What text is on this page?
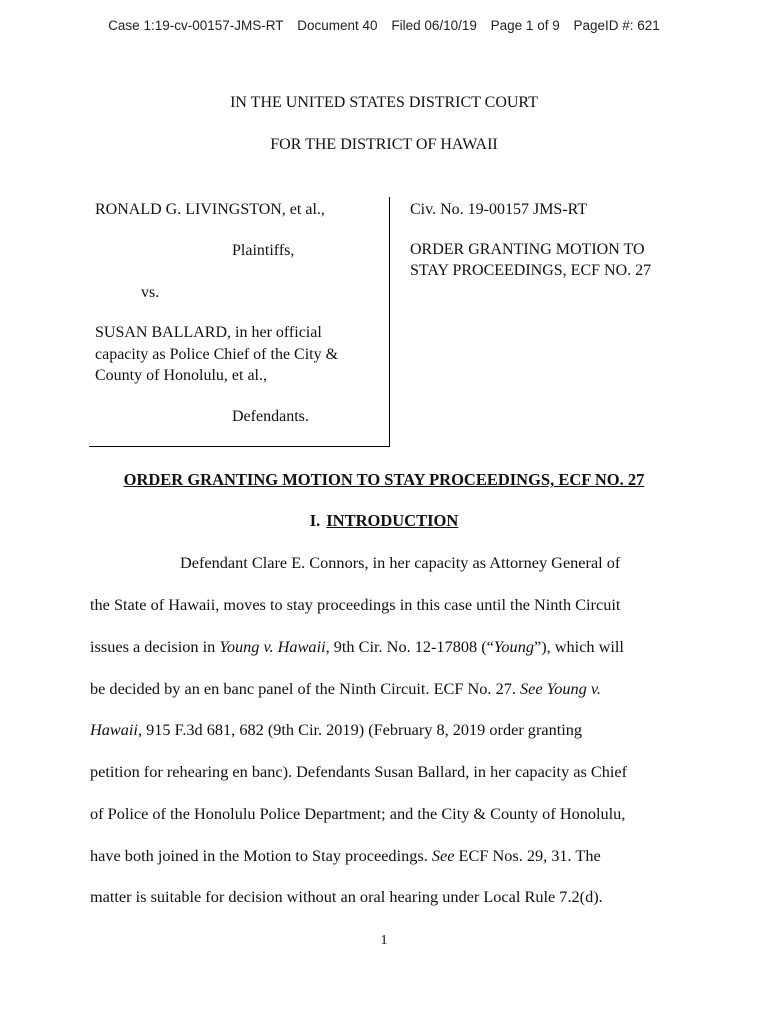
Case 1:19-cv-00157-JMS-RT Document 40 Filed 06/10/19 Page 1 of 9 PageID #: 621
IN THE UNITED STATES DISTRICT COURT
FOR THE DISTRICT OF HAWAII
RONALD G. LIVINGSTON, et al.,
Plaintiffs,
vs.
SUSAN BALLARD, in her official
capacity as Police Chief of the City &
County of Honolulu, et al.,
Defendants.
Civ. No. 19-00157 JMS-RT
ORDER GRANTING MOTION TO
STAY PROCEEDINGS, ECF NO. 27
ORDER GRANTING MOTION TO STAY PROCEEDINGS, ECF NO. 27
I. INTRODUCTION
Defendant Clare E. Connors, in her capacity as Attorney General of
the State of Hawaii, moves to stay proceedings in this case until the Ninth Circuit
issues a decision in Young v. Hawaii, 9th Cir. No. 12-17808 (“Young”), which will
be decided by an en banc panel of the Ninth Circuit. ECF No. 27. See Young v.
Hawaii, 915 F.3d 681, 682 (9th Cir. 2019) (February 8, 2019 order granting
petition for rehearing en banc). Defendants Susan Ballard, in her capacity as Chief
of Police of the Honolulu Police Department; and the City & County of Honolulu,
have both joined in the Motion to Stay proceedings. See ECF Nos. 29, 31. The
matter is suitable for decision without an oral hearing under Local Rule 7.2(d).
1
